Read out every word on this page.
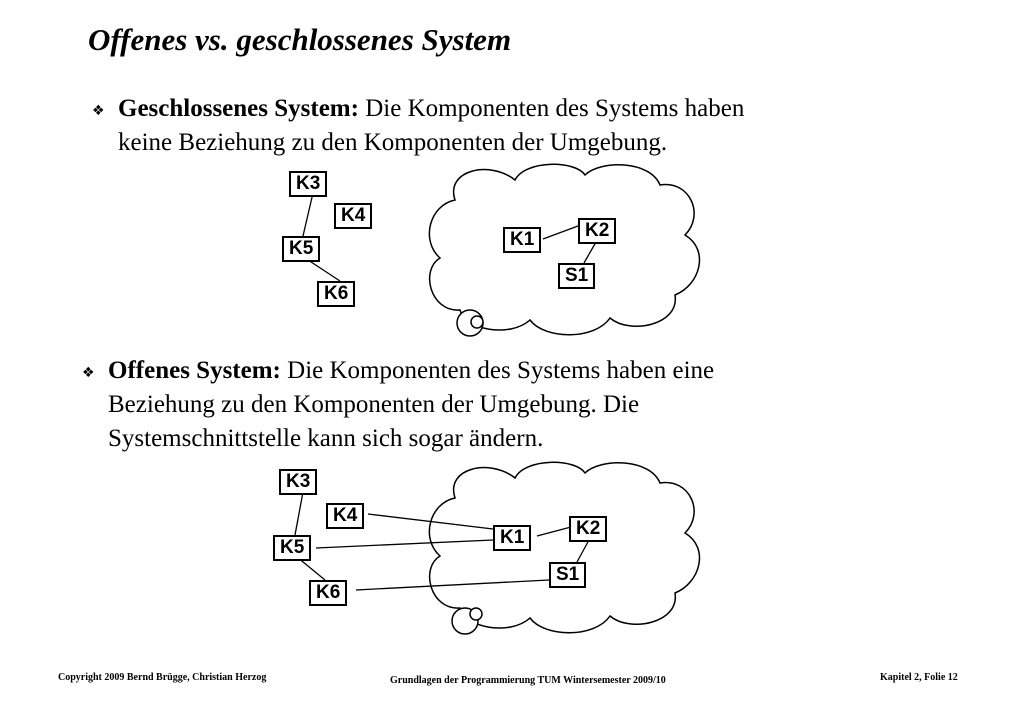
Offenes vs. geschlossenes System
❖ Geschlossenes System: Die Komponenten des Systems haben
keine Beziehung zu den Komponenten der Umgebung.
❖ Offenes System: Die Komponenten des Systems haben eine
Beziehung zu den Komponenten der Umgebung. Die
Systemschnittstelle kann sich sogar ändern.
K3
K4
K5
K6
K1	K2
S1
K3
K4
K5
K6
K1	K2
S1
Copyright 2009 Bernd Brügge, Christian Herzog	Grundlagen der Programmierung TUM Wintersemester 2009/10	Kapitel 2, Folie 12
